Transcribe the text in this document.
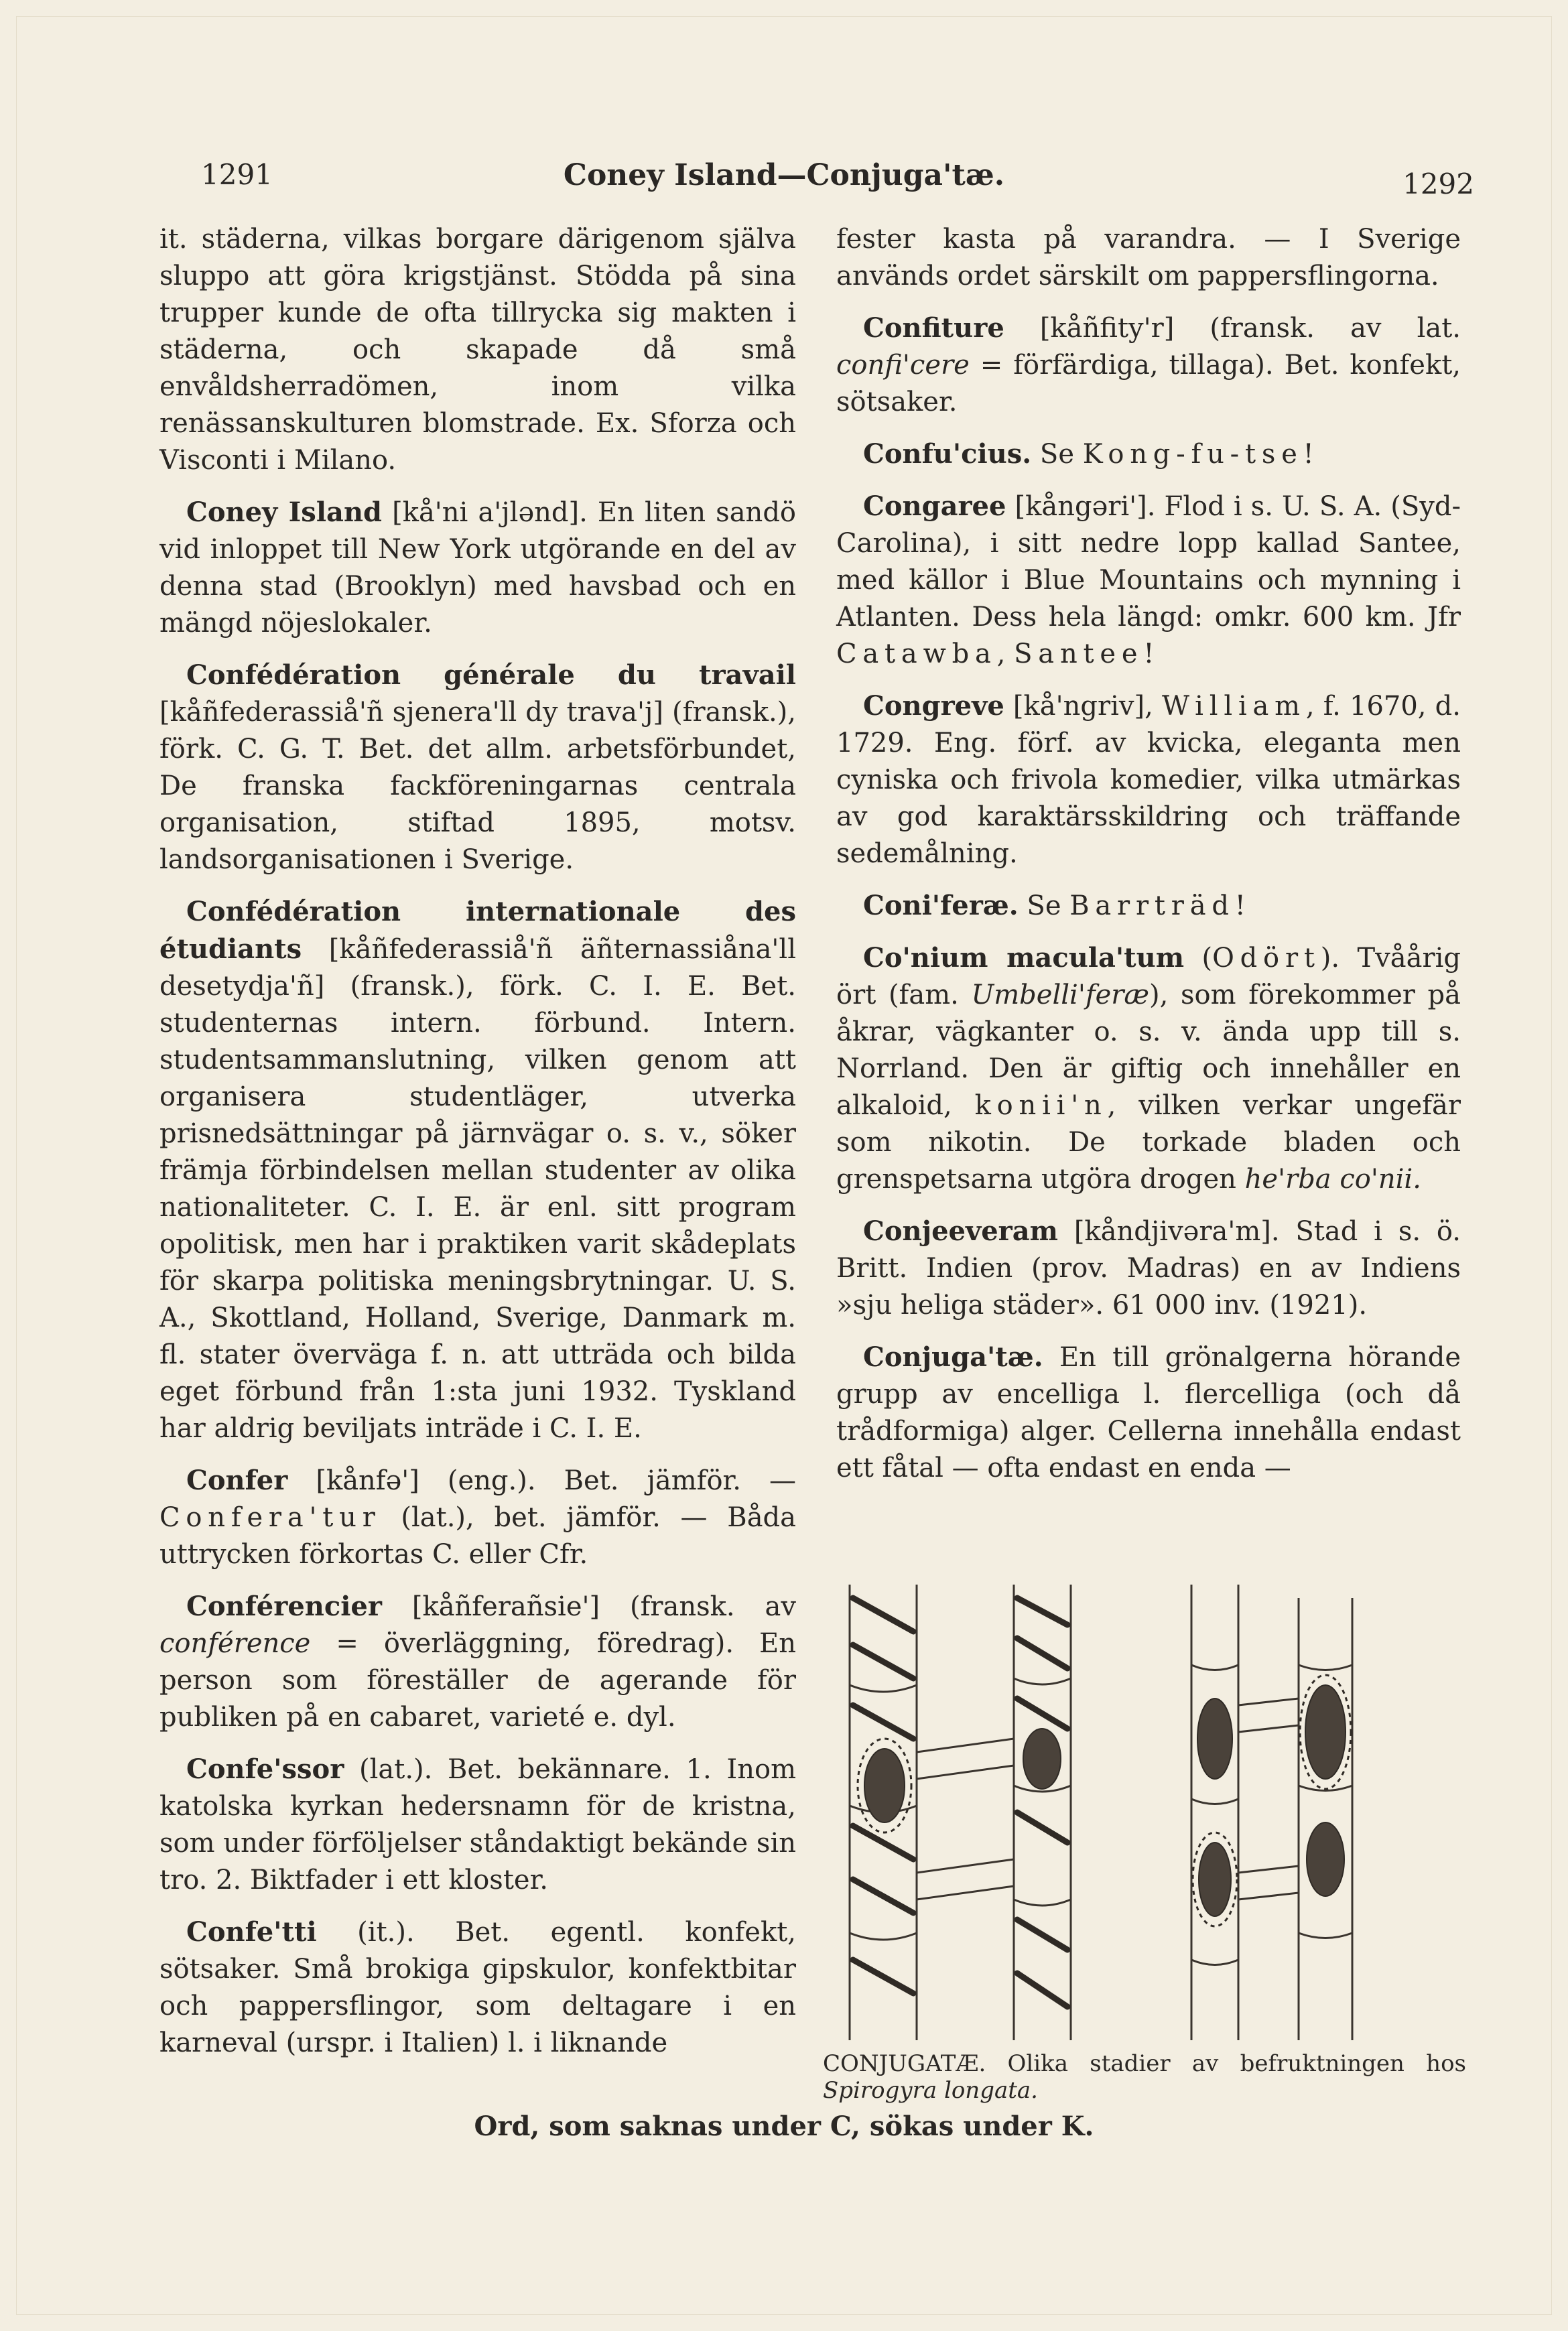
1291	Coney Island—Conjuga'tæ.	1292

it. städerna, vilkas borgare därigenom själva sluppo att göra krigstjänst. Stödda på sina trupper kunde de ofta tillrycka sig makten i städerna, och skapade då små envåldsherradömen, inom vilka renässanskulturen blomstrade. Ex. Sforza och Visconti i Milano.

 Coney Island [kå'ni a'jlənd]. En liten sandö vid inloppet till New York utgörande en del av denna stad (Brooklyn) med havsbad och en mängd nöjeslokaler.

 Confédération générale du travail [kåñfederassiå'ñ sjenera'll dy trava'j] (fransk.), förk. C. G. T. Bet. det allm. arbetsförbundet, De franska fackföreningarnas centrala organisation, stiftad 1895, motsv. landsorganisationen i Sverige.

 Confédération internationale des étudiants [kåñfederassiå'ñ äñternassiåna'll desetydja'ñ] (fransk.), förk. C. I. E. Bet. studenternas intern. förbund. Intern. studentsammanslutning, vilken genom att organisera studentläger, utverka prisnedsättningar på järnvägar o. s. v., söker främja förbindelsen mellan studenter av olika nationaliteter. C. I. E. är enl. sitt program opolitisk, men har i praktiken varit skådeplats för skarpa politiska meningsbrytningar. U. S. A., Skottland, Holland, Sverige, Danmark m. fl. stater övervägа f. n. att utträda och bilda eget förbund från 1:sta juni 1932. Tyskland har aldrig beviljats inträde i C. I. E.

 Confer [kånfə'] (eng.). Bet. jämför. — Confera'tur (lat.), bet. jämför. — Båda uttrycken förkortas C. eller Cfr.

 Conférencier [kåñferañsie'] (fransk. av conférence = överläggning, föredrag). En person som föreställer de agerande för publiken på en cabaret, varieté e. dyl.

 Confe'ssor (lat.). Bet. bekännare. 1. Inom katolska kyrkan hedersnamn för de kristna, som under förföljelser ståndaktigt bekände sin tro. 2. Biktfader i ett kloster.

 Confe'tti (it.). Bet. egentl. konfekt, sötsaker. Små brokiga gipskulor, konfektbitar och pappersflingor, som deltagare i en karneval (urspr. i Italien) l. i liknande

fester kasta på varandra. — I Sverige används ordet särskilt om pappersflingorna.

 Confiture [kåñfity'r] (fransk. av lat. confi'cere = förfärdiga, tillaga). Bet. konfekt, sötsaker.

 Confu'cius. Se Kong-fu-tse!

 Congaree [kångəri']. Flod i s. U. S. A. (Syd-Carolina), i sitt nedre lopp kallad Santee, med källor i Blue Mountains och mynning i Atlanten. Dess hela längd: omkr. 600 km. Jfr Catawba, Santee!

 Congreve [kå'ngriv], William, f. 1670, d. 1729. Eng. förf. av kvicka, eleganta men cyniska och frivola komedier, vilka utmärkas av god karaktärsskildring och träffande sedemålning.

 Coni'feræ. Se Barrträd!

 Co'nium macula'tum (Odört). Tvåårig ört (fam. Umbelli'feræ), som förekommer på åkrar, vägkanter o. s. v. ända upp till s. Norrland. Den är giftig och innehåller en alkaloid, konii'n, vilken verkar ungefär som nikotin. De torkade bladen och grenspetsarna utgöra drogen he'rba co'nii.

 Conjeeveram [kåndjivəra'm]. Stad i s. ö. Britt. Indien (prov. Madras) en av Indiens »sju heliga städer». 61 000 inv. (1921).

 Conjuga'tæ. En till grönalgerna hörande grupp av encelliga l. flercelliga (och då trådformiga) alger. Cellerna innehålla endast ett fåtal — ofta endast en enda —

CONJUGATÆ. Olika stadier av befruktningen hos Spirogyra longata.
Ord, som saknas under C, sökas under K.
